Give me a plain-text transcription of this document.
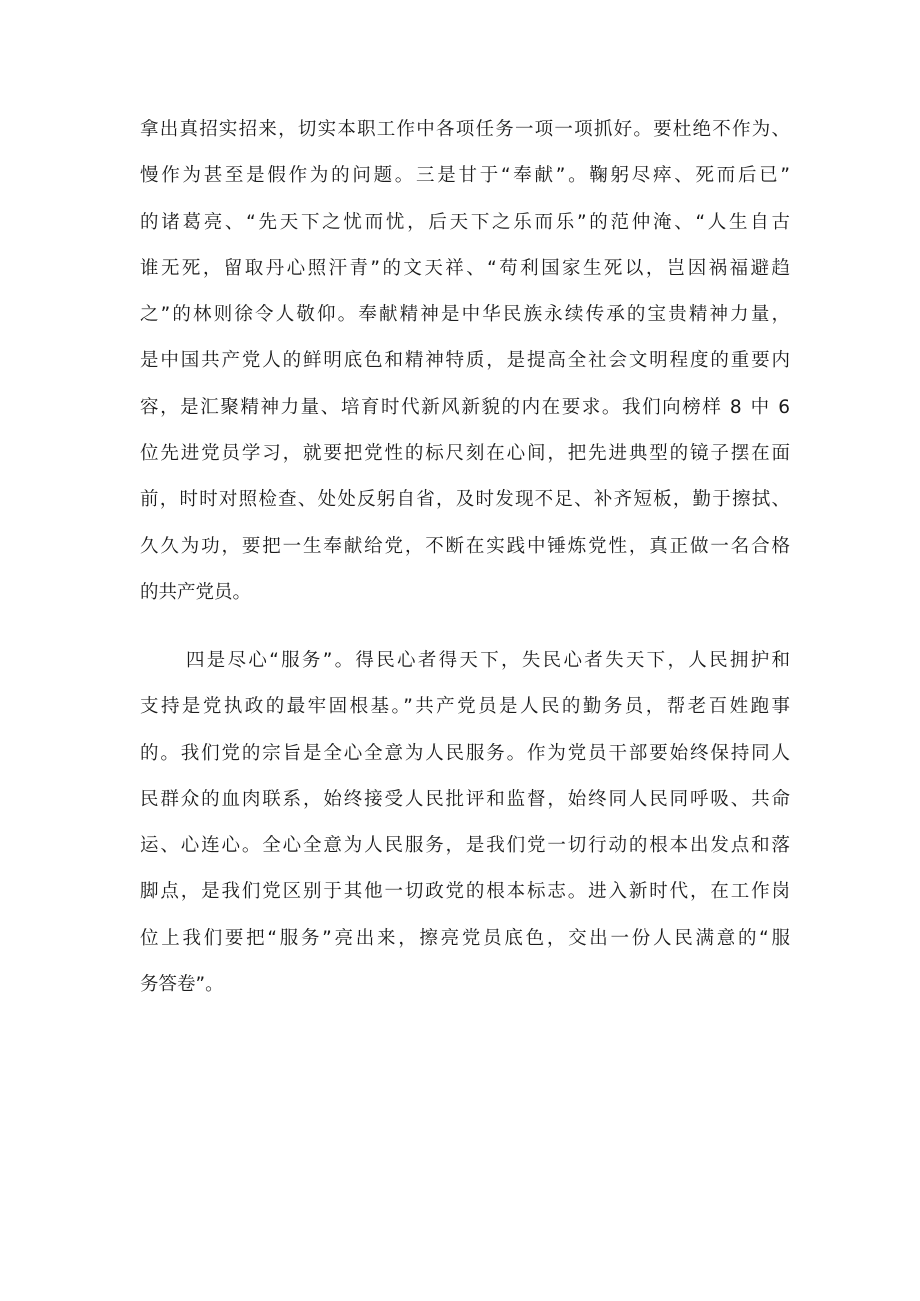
拿出真招实招来，切实本职工作中各项任务一项一项抓好。要杜绝不作为、
慢作为甚至是假作为的问题。三是甘于“奉献”。鞠躬尽瘁、死而后已”
的诸葛亮、“先天下之忧而忧，后天下之乐而乐”的范仲淹、“人生自古
谁无死，留取丹心照汗青”的文天祥、“苟利国家生死以，岂因祸福避趋
之”的林则徐令人敬仰。奉献精神是中华民族永续传承的宝贵精神力量，
是中国共产党人的鲜明底色和精神特质，是提高全社会文明程度的重要内
容，是汇聚精神力量、培育时代新风新貌的内在要求。我们向榜样 8 中 6
位先进党员学习，就要把党性的标尺刻在心间，把先进典型的镜子摆在面
前，时时对照检查、处处反躬自省，及时发现不足、补齐短板，勤于擦拭、
久久为功，要把一生奉献给党，不断在实践中锤炼党性，真正做一名合格
的共产党员。
四是尽心“服务”。得民心者得天下，失民心者失天下，人民拥护和
支持是党执政的最牢固根基。”共产党员是人民的勤务员，帮老百姓跑事
的。我们党的宗旨是全心全意为人民服务。作为党员干部要始终保持同人
民群众的血肉联系，始终接受人民批评和监督，始终同人民同呼吸、共命
运、心连心。全心全意为人民服务，是我们党一切行动的根本出发点和落
脚点，是我们党区别于其他一切政党的根本标志。进入新时代，在工作岗
位上我们要把“服务”亮出来，擦亮党员底色，交出一份人民满意的“服
务答卷”。
